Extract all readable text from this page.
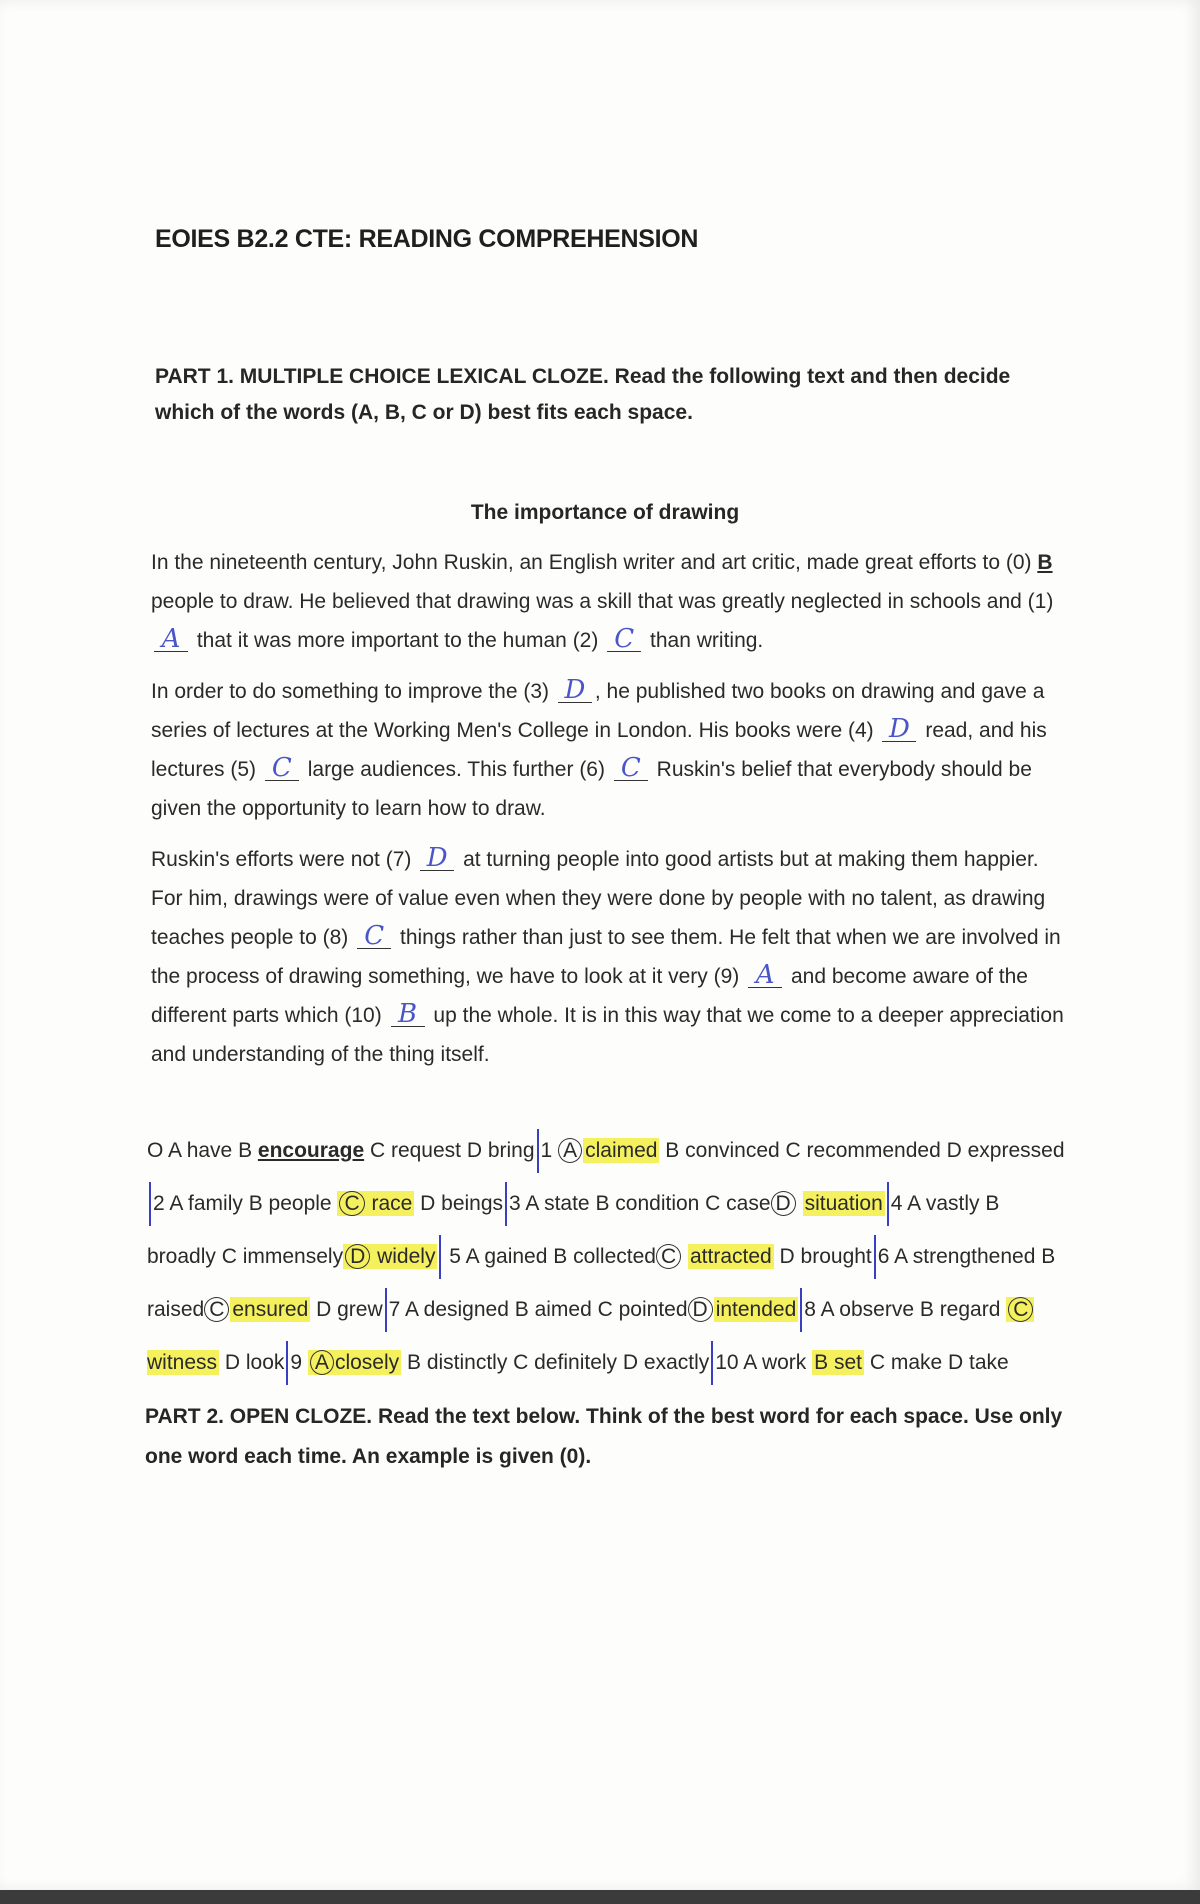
EOIES B2.2 CTE: READING COMPREHENSION
PART 1. MULTIPLE CHOICE LEXICAL CLOZE. Read the following text and then decide which of the words (A, B, C or D) best fits each space.
The importance of drawing

In the nineteenth century, John Ruskin, an English writer and art critic, made great efforts to (0) B people to draw. He believed that drawing was a skill that was greatly neglected in schools and (1) A that it was more important to the human (2) C than writing.

In order to do something to improve the (3) D , he published two books on drawing and gave a series of lectures at the Working Men's College in London. His books were (4) D read, and his lectures (5) C large audiences. This further (6) C Ruskin's belief that everybody should be given the opportunity to learn how to draw.

Ruskin's efforts were not (7) D at turning people into good artists but at making them happier. For him, drawings were of value even when they were done by people with no talent, as drawing teaches people to (8) C things rather than just to see them. He felt that when we are involved in the process of drawing something, we have to look at it very (9) A and become aware of the different parts which (10) B up the whole. It is in this way that we come to a deeper appreciation and understanding of the thing itself.

O A have B encourage C request D bring 1 A claimed B convinced C recommended D expressed2 A family B people C race D beings 3 A state B condition C case D situation 4 A vastly B broadly C immensely D widely 5 A gained B collected C attracted D brought 6 A strengthened B raised C ensured D grew 7 A designed B aimed C pointed D intended 8 A observe B regard C witness D look 9 A closely B distinctly C definitely D exactly 10 A work B set C make D take
PART 2. OPEN CLOZE. Read the text below. Think of the best word for each space. Use only one word each time. An example is given (0).
